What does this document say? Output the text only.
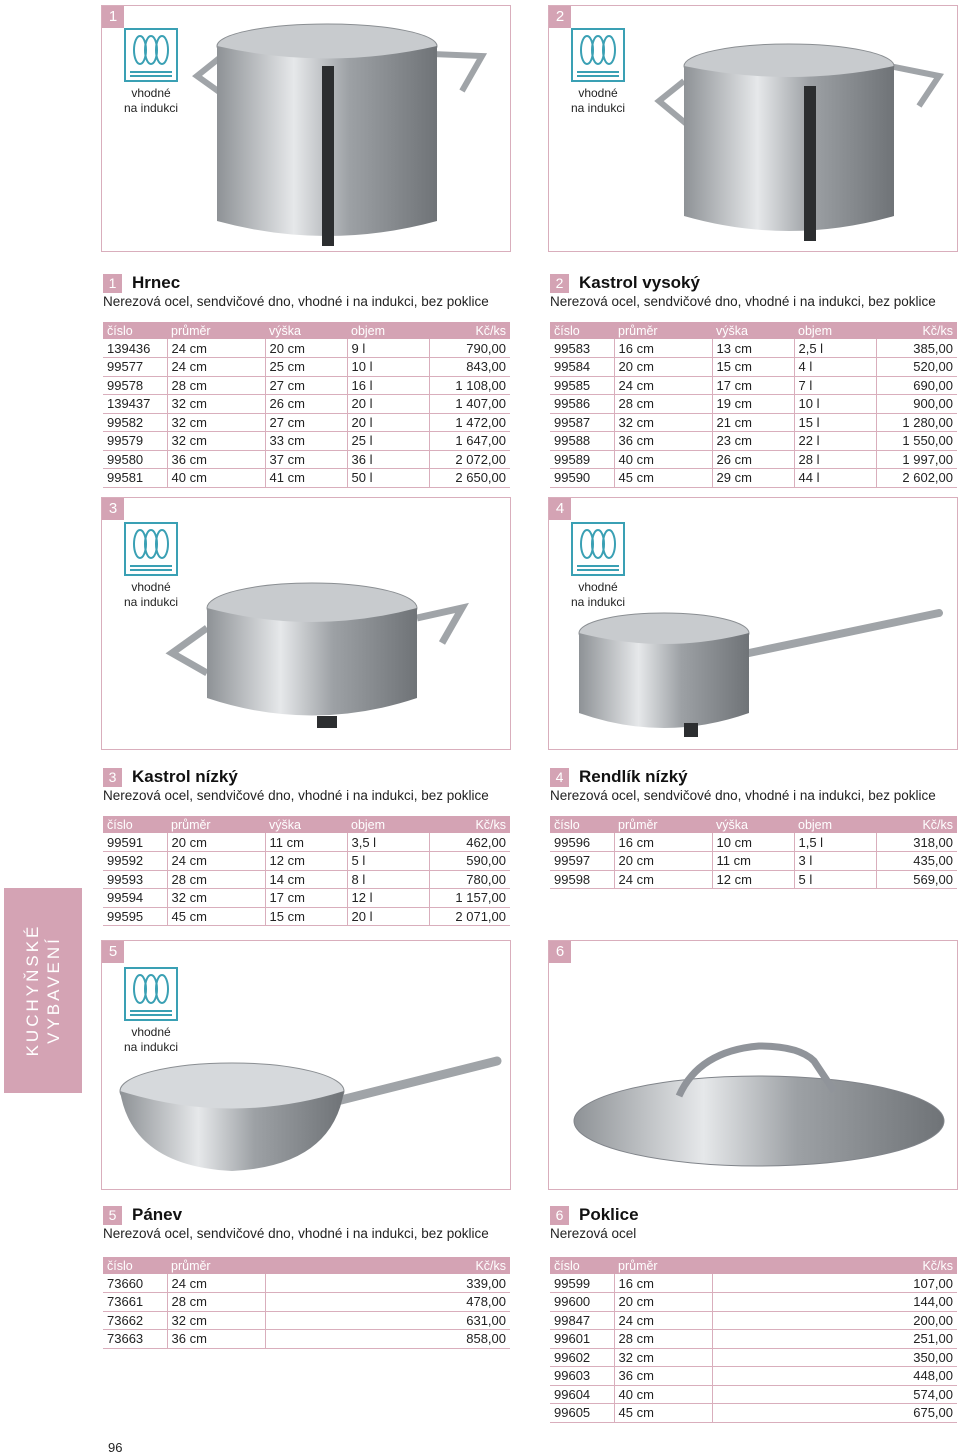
1
vhodné
na indukci
2
vhodné
na indukci
3
vhodné
na indukci
4
vhodné
na indukci
5
vhodné
na indukci
6
1 Hrnec
Nerezová ocel, sendvičové dno, vhodné i na indukci, bez poklice
2 Kastrol vysoký
Nerezová ocel, sendvičové dno, vhodné i na indukci, bez poklice
3 Kastrol nízký
Nerezová ocel, sendvičové dno, vhodné i na indukci, bez poklice
4 Rendlík nízký
Nerezová ocel, sendvičové dno, vhodné i na indukci, bez poklice
5 Pánev
Nerezová ocel, sendvičové dno, vhodné i na indukci, bez poklice
6 Poklice
Nerezová ocel
číslo	průměr	výška	objem	Kč/ks
139436	24 cm	20 cm	9 l	790,00
99577	24 cm	25 cm	10 l	843,00
99578	28 cm	27 cm	16 l	1 108,00
139437	32 cm	26 cm	20 l	1 407,00
99582	32 cm	27 cm	20 l	1 472,00
99579	32 cm	33 cm	25 l	1 647,00
99580	36 cm	37 cm	36 l	2 072,00
99581	40 cm	41 cm	50 l	2 650,00
číslo	průměr	výška	objem	Kč/ks
99583	16 cm	13 cm	2,5 l	385,00
99584	20 cm	15 cm	4 l	520,00
99585	24 cm	17 cm	7 l	690,00
99586	28 cm	19 cm	10 l	900,00
99587	32 cm	21 cm	15 l	1 280,00
99588	36 cm	23 cm	22 l	1 550,00
99589	40 cm	26 cm	28 l	1 997,00
99590	45 cm	29 cm	44 l	2 602,00
číslo	průměr	výška	objem	Kč/ks
99591	20 cm	11 cm	3,5 l	462,00
99592	24 cm	12 cm	5 l	590,00
99593	28 cm	14 cm	8 l	780,00
99594	32 cm	17 cm	12 l	1 157,00
99595	45 cm	15 cm	20 l	2 071,00
číslo	průměr	výška	objem	Kč/ks
99596	16 cm	10 cm	1,5 l	318,00
99597	20 cm	11 cm	3 l	435,00
99598	24 cm	12 cm	5 l	569,00
číslo	průměr	Kč/ks
73660	24 cm	339,00
73661	28 cm	478,00
73662	32 cm	631,00
73663	36 cm	858,00
číslo	průměr	Kč/ks
99599	16 cm	107,00
99600	20 cm	144,00
99847	24 cm	200,00
99601	28 cm	251,00
99602	32 cm	350,00
99603	36 cm	448,00
99604	40 cm	574,00
99605	45 cm	675,00
KUCHYŇSKÉ VYBAVENÍ
96
